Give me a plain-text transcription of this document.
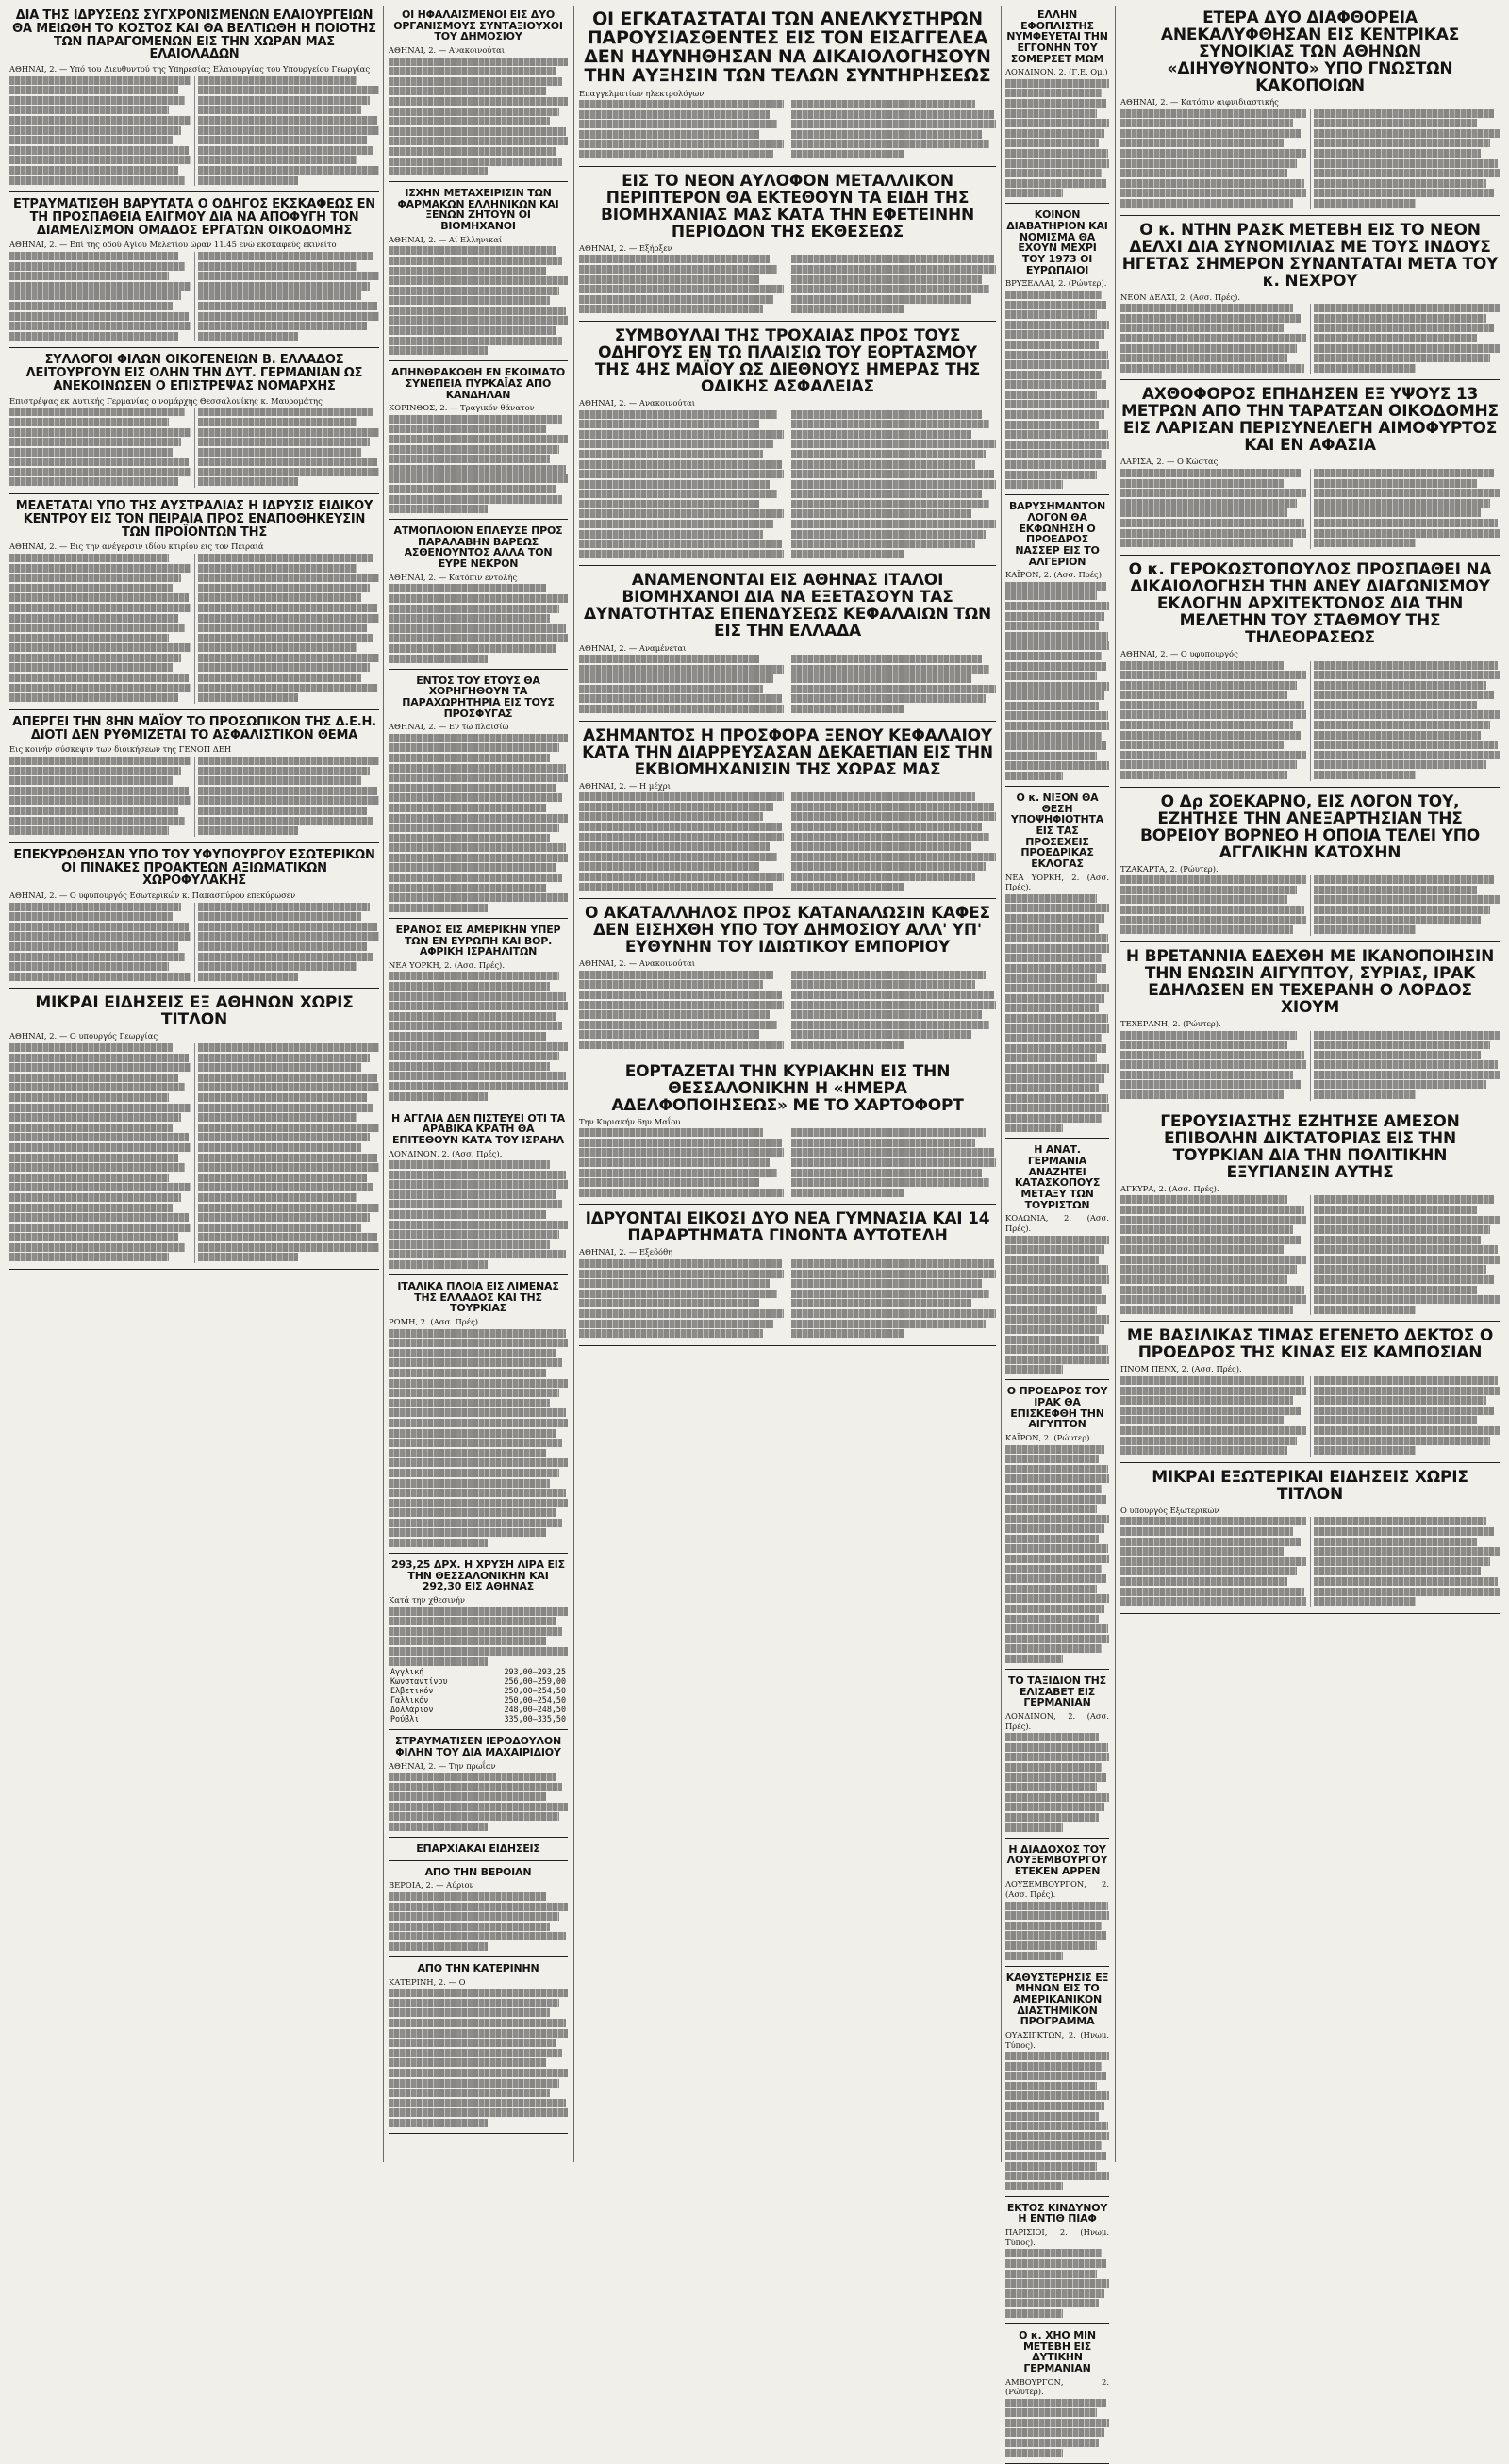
ΔΙΑ ΤΗΣ ΙΔΡΥΣΕΩΣ ΣΥΓΧΡΟΝΙΣΜΕΝΩΝ ΕΛΑΙΟΥΡΓΕΙΩΝ ΘΑ ΜΕΙΩΘΗ ΤΟ ΚΟΣΤΟΣ ΚΑΙ ΘΑ ΒΕΛΤΙΩΘΗ Η ΠΟΙΟΤΗΣ ΤΩΝ ΠΑΡΑΓΟΜΕΝΩΝ ΕΙΣ ΤΗΝ ΧΩΡΑΝ ΜΑΣ ΕΛΑΙΟΛΑΔΩΝ
ΑΘΗΝΑΙ, 2. — Υπό του Διευθυντού της Υπηρεσίας Ελαιουργίας του Υπουργείου Γεωργίας
ΕΤΡΑΥΜΑΤΙΣΘΗ ΒΑΡΥΤΑΤΑ Ο ΟΔΗΓΟΣ ΕΚΣΚΑΦΕΩΣ ΕΝ ΤΗ ΠΡΟΣΠΑΘΕΙΑ ΕΛΙΓΜΟΥ ΔΙΑ ΝΑ ΑΠΟΦΥΓΗ ΤΟΝ ΔΙΑΜΕΛΙΣΜΟΝ ΟΜΑΔΟΣ ΕΡΓΑΤΩΝ ΟΙΚΟΔΟΜΗΣ
ΑΘΗΝΑΙ, 2. — Επί της οδού Αγίου Μελετίου ώραν 11.45 ενώ εκσκαφεύς εκινείτο
ΣΥΛΛΟΓΟΙ ΦΙΛΩΝ ΟΙΚΟΓΕΝΕΙΩΝ Β. ΕΛΛΑΔΟΣ ΛΕΙΤΟΥΡΓΟΥΝ ΕΙΣ ΟΛΗΝ ΤΗΝ ΔΥΤ. ΓΕΡΜΑΝΙΑΝ ΩΣ ΑΝΕΚΟΙΝΩΣΕΝ Ο ΕΠΙΣΤΡΕΨΑΣ ΝΟΜΑΡΧΗΣ
Επιστρέψας εκ Δυτικής Γερμανίας ο νομάρχης Θεσσαλονίκης κ. Μαυρομάτης
ΜΕΛΕΤΑΤΑΙ ΥΠΟ ΤΗΣ ΑΥΣΤΡΑΛΙΑΣ Η ΙΔΡΥΣΙΣ ΕΙΔΙΚΟΥ ΚΕΝΤΡΟΥ ΕΙΣ ΤΟΝ ΠΕΙΡΑΙΑ ΠΡΟΣ ΕΝΑΠΟΘΗΚΕΥΣΙΝ ΤΩΝ ΠΡΟΪΟΝΤΩΝ ΤΗΣ
ΑΘΗΝΑΙ, 2. — Εις την ανέγερσιν ιδίου κτιρίου εις τον Πειραιά
ΑΠΕΡΓΕΙ ΤΗΝ 8ΗΝ ΜΑΪΟΥ ΤΟ ΠΡΟΣΩΠΙΚΟΝ ΤΗΣ Δ.Ε.Η. ΔΙΟΤΙ ΔΕΝ ΡΥΘΜΙΖΕΤΑΙ ΤΟ ΑΣΦΑΛΙΣΤΙΚΟΝ ΘΕΜΑ
Εις κοινήν σύσκεψιν των διοικήσεων της ΓΕΝΟΠ ΔΕΗ
ΕΠΕΚΥΡΩΘΗΣΑΝ ΥΠΟ ΤΟΥ ΥΦΥΠΟΥΡΓΟΥ ΕΣΩΤΕΡΙΚΩΝ ΟΙ ΠΙΝΑΚΕΣ ΠΡΟΑΚΤΕΩΝ ΑΞΙΩΜΑΤΙΚΩΝ ΧΩΡΟΦΥΛΑΚΗΣ
ΑΘΗΝΑΙ, 2. — Ο υφυπουργός Εσωτερικών κ. Παπασπύρου επεκύρωσεν
ΜΙΚΡΑΙ ΕΙΔΗΣΕΙΣ ΕΞ ΑΘΗΝΩΝ ΧΩΡΙΣ ΤΙΤΛΟΝ
ΑΘΗΝΑΙ, 2. — Ο υπουργός Γεωργίας
ΟΙ ΗΦΑΛΑΙΣΜΕΝΟΙ ΕΙΣ ΔΥΟ ΟΡΓΑΝΙΣΜΟΥΣ ΣΥΝΤΑΞΙΟΥΧΟΙ ΤΟΥ ΔΗΜΟΣΙΟΥ
ΑΘΗΝΑΙ, 2. — Ανακοινούται
ΙΣΧΗΝ ΜΕΤΑΧΕΙΡΙΣΙΝ ΤΩΝ ΦΑΡΜΑΚΩΝ ΕΛΛΗΝΙΚΩΝ ΚΑΙ ΞΕΝΩΝ ΖΗΤΟΥΝ ΟΙ ΒΙΟΜΗΧΑΝΟΙ
ΑΘΗΝΑΙ, 2. — Αί Ελληνικαί
ΑΠΗΝΘΡΑΚΩΘΗ ΕΝ ΕΚΟΙΜΑΤΟ ΣΥΝΕΠΕΙΑ ΠΥΡΚΑΪΑΣ ΑΠΟ ΚΑΝΔΗΛΑΝ
ΚΟΡΙΝΘΟΣ, 2. — Τραγικόν θάνατον
ΑΤΜΟΠΛΟΙΟΝ ΕΠΛΕΥΣΕ ΠΡΟΣ ΠΑΡΑΛΑΒΗΝ ΒΑΡΕΩΣ ΑΣΘΕΝΟΥΝΤΟΣ ΑΛΛΑ ΤΟΝ ΕΥΡΕ ΝΕΚΡΟΝ
ΑΘΗΝΑΙ, 2. — Κατόπιν εντολής
ΕΝΤΟΣ ΤΟΥ ΕΤΟΥΣ ΘΑ ΧΟΡΗΓΗΘΟΥΝ ΤΑ ΠΑΡΑΧΩΡΗΤΗΡΙΑ ΕΙΣ ΤΟΥΣ ΠΡΟΣΦΥΓΑΣ
ΑΘΗΝΑΙ, 2. — Εν τω πλαισίω
ΕΡΑΝΟΣ ΕΙΣ ΑΜΕΡΙΚΗΝ ΥΠΕΡ ΤΩΝ ΕΝ ΕΥΡΩΠΗ ΚΑΙ ΒΟΡ. ΑΦΡΙΚΗ ΙΣΡΑΗΛΙΤΩΝ
ΝΕΑ ΥΟΡΚΗ, 2. (Ασσ. Πρές).
Η ΑΓΓΛΙΑ ΔΕΝ ΠΙΣΤΕΥΕΙ ΟΤΙ ΤΑ ΑΡΑΒΙΚΑ ΚΡΑΤΗ ΘΑ ΕΠΙΤΕΘΟΥΝ ΚΑΤΑ ΤΟΥ ΙΣΡΑΗΛ
ΛΟΝΔΙΝΟΝ, 2. (Ασσ. Πρές).
ΙΤΑΛΙΚΑ ΠΛΟΙΑ ΕΙΣ ΛΙΜΕΝΑΣ ΤΗΣ ΕΛΛΑΔΟΣ ΚΑΙ ΤΗΣ ΤΟΥΡΚΙΑΣ
ΡΩΜΗ, 2. (Ασσ. Πρές).
293,25 ΔΡΧ. Η ΧΡΥΣΗ ΛΙΡΑ ΕΙΣ ΤΗΝ ΘΕΣΣΑΛΟΝΙΚΗΝ ΚΑΙ 292,30 ΕΙΣ ΑΘΗΝΑΣ
Κατά την χθεσινήν
Αγγλική	293,00—293,25
Κωνσταντίνου	256,00—259,00
Ελβετικόν	250,00—254,50
Γαλλικόν	250,00—254,50
Δολλάριον	248,00—248,50
Ρούβλι	335,00—335,50
ΣΤΡΑΥΜΑΤΙΣΕΝ ΙΕΡΟΔΟΥΛΟΝ ΦΙΛΗΝ ΤΟΥ ΔΙΑ ΜΑΧΑΙΡΙΔΙΟΥ
ΑΘΗΝΑΙ, 2. — Την πρωΐαν
ΕΠΑΡΧΙΑΚΑΙ ΕΙΔΗΣΕΙΣ
ΑΠΟ ΤΗΝ ΒΕΡΟΙΑΝ
ΒΕΡΟΙΑ, 2. — Αύριον
ΑΠΟ ΤΗΝ ΚΑΤΕΡΙΝΗΝ
ΚΑΤΕΡΙΝΗ, 2. — Ο
ΟΙ ΕΓΚΑΤΑΣΤΑΤΑΙ ΤΩΝ ΑΝΕΛΚΥΣΤΗΡΩΝ ΠΑΡΟΥΣΙΑΣΘΕΝΤΕΣ ΕΙΣ ΤΟΝ ΕΙΣΑΓΓΕΛΕΑ ΔΕΝ ΗΔΥΝΗΘΗΣΑΝ ΝΑ ΔΙΚΑΙΟΛΟΓΗΣΟΥΝ ΤΗΝ ΑΥΞΗΣΙΝ ΤΩΝ ΤΕΛΩΝ ΣΥΝΤΗΡΗΣΕΩΣ
Επαγγελματίων ηλεκτρολόγων
ΕΙΣ ΤΟ ΝΕΟΝ ΑΥΛΟΦΟΝ ΜΕΤΑΛΛΙΚΟΝ ΠΕΡΙΠΤΕΡΟΝ ΘΑ ΕΚΤΕΘΟΥΝ ΤΑ ΕΙΔΗ ΤΗΣ ΒΙΟΜΗΧΑΝΙΑΣ ΜΑΣ ΚΑΤΑ ΤΗΝ ΕΦΕΤΕΙΝΗΝ ΠΕΡΙΟΔΟΝ ΤΗΣ ΕΚΘΕΣΕΩΣ
ΑΘΗΝΑΙ, 2. — Εξήρξεν
ΣΥΜΒΟΥΛΑΙ ΤΗΣ ΤΡΟΧΑΙΑΣ ΠΡΟΣ ΤΟΥΣ ΟΔΗΓΟΥΣ ΕΝ ΤΩ ΠΛΑΙΣΙΩ ΤΟΥ ΕΟΡΤΑΣΜΟΥ ΤΗΣ 4ΗΣ ΜΑΪΟΥ ΩΣ ΔΙΕΘΝΟΥΣ ΗΜΕΡΑΣ ΤΗΣ ΟΔΙΚΗΣ ΑΣΦΑΛΕΙΑΣ
ΑΘΗΝΑΙ, 2. — Ανακοινούται
ΑΝΑΜΕΝΟΝΤΑΙ ΕΙΣ ΑΘΗΝΑΣ ΙΤΑΛΟΙ ΒΙΟΜΗΧΑΝΟΙ ΔΙΑ ΝΑ ΕΞΕΤΑΣΟΥΝ ΤΑΣ ΔΥΝΑΤΟΤΗΤΑΣ ΕΠΕΝΔΥΣΕΩΣ ΚΕΦΑΛΑΙΩΝ ΤΩΝ ΕΙΣ ΤΗΝ ΕΛΛΑΔΑ
ΑΘΗΝΑΙ, 2. — Αναμένεται
ΑΣΗΜΑΝΤΟΣ Η ΠΡΟΣΦΟΡΑ ΞΕΝΟΥ ΚΕΦΑΛΑΙΟΥ ΚΑΤΑ ΤΗΝ ΔΙΑΡΡΕΥΣΑΣΑΝ ΔΕΚΑΕΤΙΑΝ ΕΙΣ ΤΗΝ ΕΚΒΙΟΜΗΧΑΝΙΣΙΝ ΤΗΣ ΧΩΡΑΣ ΜΑΣ
ΑΘΗΝΑΙ, 2. — Η μέχρι
Ο ΑΚΑΤΑΛΛΗΛΟΣ ΠΡΟΣ ΚΑΤΑΝΑΛΩΣΙΝ ΚΑΦΕΣ ΔΕΝ ΕΙΣΗΧΘΗ ΥΠΟ ΤΟΥ ΔΗΜΟΣΙΟΥ ΑΛΛ' ΥΠ' ΕΥΘΥΝΗΝ ΤΟΥ ΙΔΙΩΤΙΚΟΥ ΕΜΠΟΡΙΟΥ
ΑΘΗΝΑΙ, 2. — Ανακοινούται
ΕΟΡΤΑΖΕΤΑΙ ΤΗΝ ΚΥΡΙΑΚΗΝ ΕΙΣ ΤΗΝ ΘΕΣΣΑΛΟΝΙΚΗΝ Η «ΗΜΕΡΑ ΑΔΕΛΦΟΠΟΙΗΣΕΩΣ» ΜΕ ΤΟ ΧΑΡΤΟΦΟΡΤ
Την Κυριακήν 6ην Μαΐου
ΙΔΡΥΟΝΤΑΙ ΕΙΚΟΣΙ ΔΥΟ ΝΕΑ ΓΥΜΝΑΣΙΑ ΚΑΙ 14 ΠΑΡΑΡΤΗΜΑΤΑ ΓΙΝΟΝΤΑ ΑΥΤΟΤΕΛΗ
ΑΘΗΝΑΙ, 2. — Εξεδόθη
ΕΛΛΗΝ ΕΦΟΠΛΙΣΤΗΣ ΝΥΜΦΕΥΕΤΑΙ ΤΗΝ ΕΓΓΟΝΗΝ ΤΟΥ ΣΟΜΕΡΣΕΤ ΜΩΜ
ΛΟΝΔΙΝΟΝ, 2. (Γ.Ε. Ομ.)
ΚΟΙΝΟΝ ΔΙΑΒΑΤΗΡΙΟΝ ΚΑΙ ΝΟΜΙΣΜΑ ΘΑ ΕΧΟΥΝ ΜΕΧΡΙ ΤΟΥ 1973 ΟΙ ΕΥΡΩΠΑΙΟΙ
ΒΡΥΞΕΛΛΑΙ, 2. (Ρώυτερ).
ΒΑΡΥΣΗΜΑΝΤΟΝ ΛΟΓΟΝ ΘΑ ΕΚΦΩΝΗΣΗ Ο ΠΡΟΕΔΡΟΣ ΝΑΣΣΕΡ ΕΙΣ ΤΟ ΑΛΓΕΡΙΟΝ
ΚΑΪΡΟΝ, 2. (Ασσ. Πρές).
Ο κ. ΝΙΞΟΝ ΘΑ ΘΕΣΗ ΥΠΟΨΗΦΙΟΤΗΤΑ ΕΙΣ ΤΑΣ ΠΡΟΣΕΧΕΙΣ ΠΡΟΕΔΡΙΚΑΣ ΕΚΛΟΓΑΣ
ΝΕΑ ΥΟΡΚΗ, 2. (Ασσ. Πρές).
Η ΑΝΑΤ. ΓΕΡΜΑΝΙΑ ΑΝΑΖΗΤΕΙ ΚΑΤΑΣΚΟΠΟΥΣ ΜΕΤΑΞΥ ΤΩΝ ΤΟΥΡΙΣΤΩΝ
ΚΟΛΩΝΙΑ, 2. (Ασσ. Πρές).
Ο ΠΡΟΕΔΡΟΣ ΤΟΥ ΙΡΑΚ ΘΑ ΕΠΙΣΚΕΦΘΗ ΤΗΝ ΑΙΓΥΠΤΟΝ
ΚΑΪΡΟΝ, 2. (Ρώυτερ).
ΤΟ ΤΑΞΙΔΙΟΝ ΤΗΣ ΕΛΙΣΑΒΕΤ ΕΙΣ ΓΕΡΜΑΝΙΑΝ
ΛΟΝΔΙΝΟΝ, 2. (Ασσ. Πρές).
Η ΔΙΑΔΟΧΟΣ ΤΟΥ ΛΟΥΞΕΜΒΟΥΡΓΟΥ ΕΤΕΚΕΝ ΑΡΡΕΝ
ΛΟΥΞΕΜΒΟΥΡΓΟΝ, 2. (Ασσ. Πρές).
ΚΑΘΥΣΤΕΡΗΣΙΣ ΕΞ ΜΗΝΩΝ ΕΙΣ ΤΟ ΑΜΕΡΙΚΑΝΙΚΟΝ ΔΙΑΣΤΗΜΙΚΟΝ ΠΡΟΓΡΑΜΜΑ
ΟΥΑΣΙΓΚΤΩΝ, 2. (Ηνωμ. Τύπος).
ΕΚΤΟΣ ΚΙΝΔΥΝΟΥ Η ΕΝΤΙΘ ΠΙΑΦ
ΠΑΡΙΣΙΟΙ, 2. (Ηνωμ. Τύπος).
Ο κ. ΧΗΟ ΜΙΝ ΜΕΤΕΒΗ ΕΙΣ ΔΥΤΙΚΗΝ ΓΕΡΜΑΝΙΑΝ
ΑΜΒΟΥΡΓΟΝ, 2. (Ρώυτερ).
ΕΤΕΡΑ ΔΥΟ ΔΙΑΦΘΟΡΕΙΑ ΑΝΕΚΑΛΥΦΘΗΣΑΝ ΕΙΣ ΚΕΝΤΡΙΚΑΣ ΣΥΝΟΙΚΙΑΣ ΤΩΝ ΑΘΗΝΩΝ «ΔΙΗΥΘΥΝΟΝΤΟ» ΥΠΟ ΓΝΩΣΤΩΝ ΚΑΚΟΠΟΙΩΝ
ΑΘΗΝΑΙ, 2. — Κατόπιν αιφνιδιαστικής
Ο κ. ΝΤΗΝ ΡΑΣΚ ΜΕΤΕΒΗ ΕΙΣ ΤΟ ΝΕΟΝ ΔΕΛΧΙ ΔΙΑ ΣΥΝΟΜΙΛΙΑΣ ΜΕ ΤΟΥΣ ΙΝΔΟΥΣ ΗΓΕΤΑΣ ΣΗΜΕΡΟΝ ΣΥΝΑΝΤΑΤΑΙ ΜΕΤΑ ΤΟΥ κ. ΝΕΧΡΟΥ
ΝΕΟΝ ΔΕΛΧΙ, 2. (Ασσ. Πρές).
ΑΧΘΟΦΟΡΟΣ ΕΠΗΔΗΣΕΝ ΕΞ ΥΨΟΥΣ 13 ΜΕΤΡΩΝ ΑΠΟ ΤΗΝ ΤΑΡΑΤΣΑΝ ΟΙΚΟΔΟΜΗΣ ΕΙΣ ΛΑΡΙΣΑΝ ΠΕΡΙΣΥΝΕΛΕΓΗ ΑΙΜΟΦΥΡΤΟΣ ΚΑΙ ΕΝ ΑΦΑΣΙΑ
ΛΑΡΙΣΑ, 2. — Ο Κώστας
Ο κ. ΓΕΡΟΚΩΣΤΟΠΟΥΛΟΣ ΠΡΟΣΠΑΘΕΙ ΝΑ ΔΙΚΑΙΟΛΟΓΗΣΗ ΤΗΝ ΑΝΕΥ ΔΙΑΓΩΝΙΣΜΟΥ ΕΚΛΟΓΗΝ ΑΡΧΙΤΕΚΤΟΝΟΣ ΔΙΑ ΤΗΝ ΜΕΛΕΤΗΝ ΤΟΥ ΣΤΑΘΜΟΥ ΤΗΣ ΤΗΛΕΟΡΑΣΕΩΣ
ΑΘΗΝΑΙ, 2. — Ο υφυπουργός
Ο Δρ ΣΟΕΚΑΡΝΟ, ΕΙΣ ΛΟΓΟΝ ΤΟΥ, ΕΖΗΤΗΣΕ ΤΗΝ ΑΝΕΞΑΡΤΗΣΙΑΝ ΤΗΣ ΒΟΡΕΙΟΥ ΒΟΡΝΕΟ Η ΟΠΟΙΑ ΤΕΛΕΙ ΥΠΟ ΑΓΓΛΙΚΗΝ ΚΑΤΟΧΗΝ
ΤΖΑΚΑΡΤΑ, 2. (Ρώυτερ).
Η ΒΡΕΤΑΝΝΙΑ ΕΔΕΧΘΗ ΜΕ ΙΚΑΝΟΠΟΙΗΣΙΝ ΤΗΝ ΕΝΩΣΙΝ ΑΙΓΥΠΤΟΥ, ΣΥΡΙΑΣ, ΙΡΑΚ ΕΔΗΛΩΣΕΝ ΕΝ ΤΕΧΕΡΑΝΗ Ο ΛΟΡΔΟΣ ΧΙΟΥΜ
ΤΕΧΕΡΑΝΗ, 2. (Ρώυτερ).
ΓΕΡΟΥΣΙΑΣΤΗΣ ΕΖΗΤΗΣΕ ΑΜΕΣΟΝ ΕΠΙΒΟΛΗΝ ΔΙΚΤΑΤΟΡΙΑΣ ΕΙΣ ΤΗΝ ΤΟΥΡΚΙΑΝ ΔΙΑ ΤΗΝ ΠΟΛΙΤΙΚΗΝ ΕΞΥΓΙΑΝΣΙΝ ΑΥΤΗΣ
ΑΓΚΥΡΑ, 2. (Ασσ. Πρές).
ΜΕ ΒΑΣΙΛΙΚΑΣ ΤΙΜΑΣ ΕΓΕΝΕΤΟ ΔΕΚΤΟΣ Ο ΠΡΟΕΔΡΟΣ ΤΗΣ ΚΙΝΑΣ ΕΙΣ ΚΑΜΠΟΣΙΑΝ
ΠΝΟΜ ΠΕΝΧ, 2. (Ασσ. Πρές).
ΜΙΚΡΑΙ ΕΞΩΤΕΡΙΚΑΙ ΕΙΔΗΣΕΙΣ ΧΩΡΙΣ ΤΙΤΛΟΝ
Ο υπουργός Εξωτερικών
